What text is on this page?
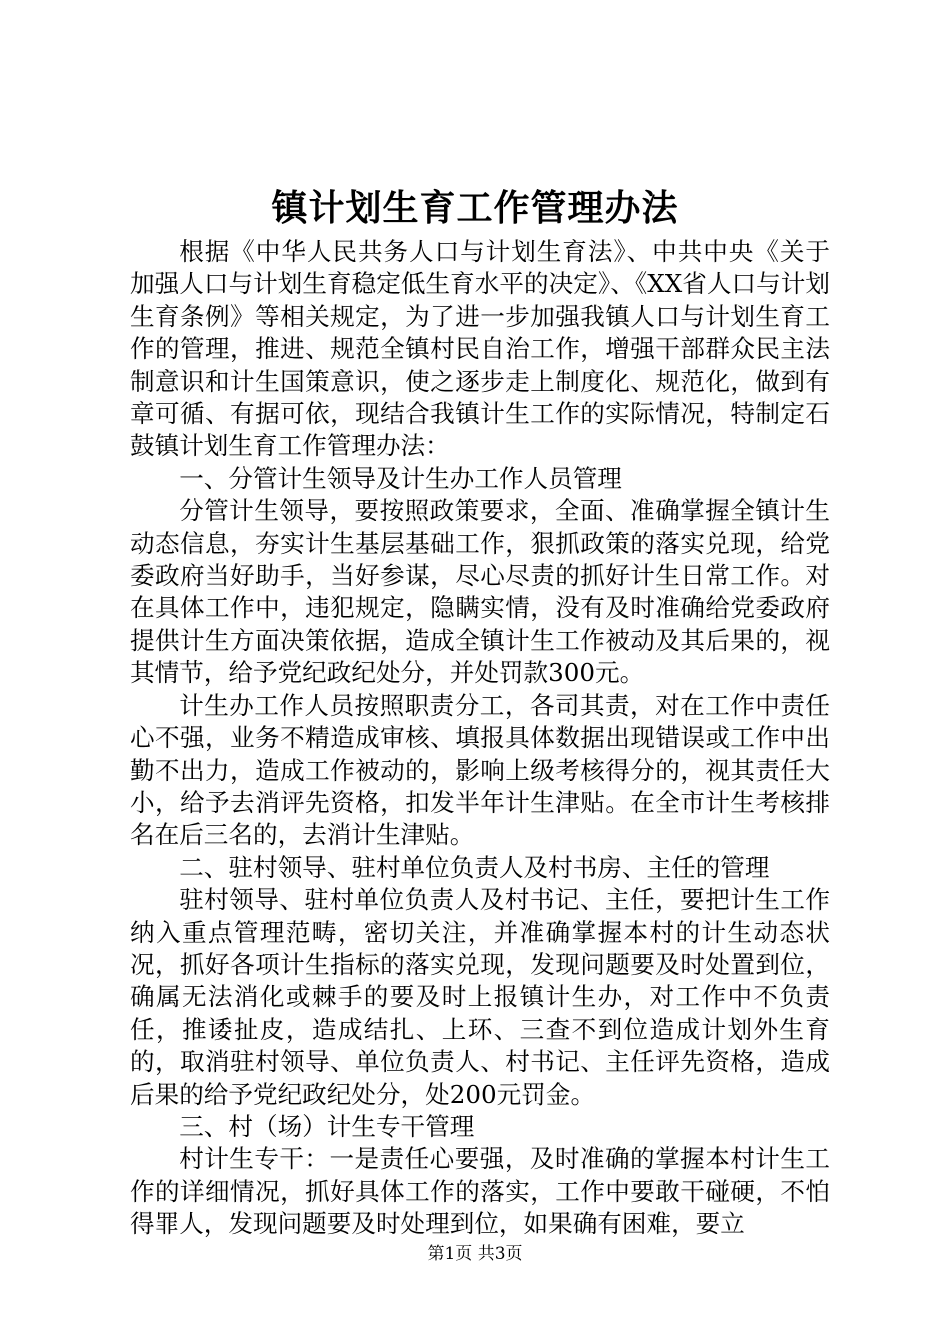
镇计划生育工作管理办法

根据《中华人民共务人口与计划生育法》、中共中央《关于加强人口与计划生育稳定低生育水平的决定》、《XX省人口与计划生育条例》等相关规定，为了进一步加强我镇人口与计划生育工作的管理，推进、规范全镇村民自治工作，增强干部群众民主法制意识和计生国策意识，使之逐步走上制度化、规范化，做到有章可循、有据可依，现结合我镇计生工作的实际情况，特制定石鼓镇计划生育工作管理办法：

一、分管计生领导及计生办工作人员管理

分管计生领导，要按照政策要求，全面、准确掌握全镇计生动态信息，夯实计生基层基础工作，狠抓政策的落实兑现，给党委政府当好助手，当好参谋，尽心尽责的抓好计生日常工作。对在具体工作中，违犯规定，隐瞒实情，没有及时准确给党委政府提供计生方面决策依据，造成全镇计生工作被动及其后果的，视其情节，给予党纪政纪处分，并处罚款300元。

计生办工作人员按照职责分工，各司其责，对在工作中责任心不强，业务不精造成审核、填报具体数据出现错误或工作中出勤不出力，造成工作被动的，影响上级考核得分的，视其责任大小，给予去消评先资格，扣发半年计生津贴。在全市计生考核排名在后三名的，去消计生津贴。

二、驻村领导、驻村单位负责人及村书房、主任的管理

驻村领导、驻村单位负责人及村书记、主任，要把计生工作纳入重点管理范畴，密切关注，并准确掌握本村的计生动态状况，抓好各项计生指标的落实兑现，发现问题要及时处置到位，确属无法消化或棘手的要及时上报镇计生办，对工作中不负责任，推诿扯皮，造成结扎、上环、三查不到位造成计划外生育的，取消驻村领导、单位负责人、村书记、主任评先资格，造成后果的给予党纪政纪处分，处200元罚金。

三、村（场）计生专干管理

村计生专干：一是责任心要强，及时准确的掌握本村计生工作的详细情况，抓好具体工作的落实，工作中要敢干碰硬，不怕得罪人，发现问题要及时处理到位，如果确有困难，要立

第1页 共3页
